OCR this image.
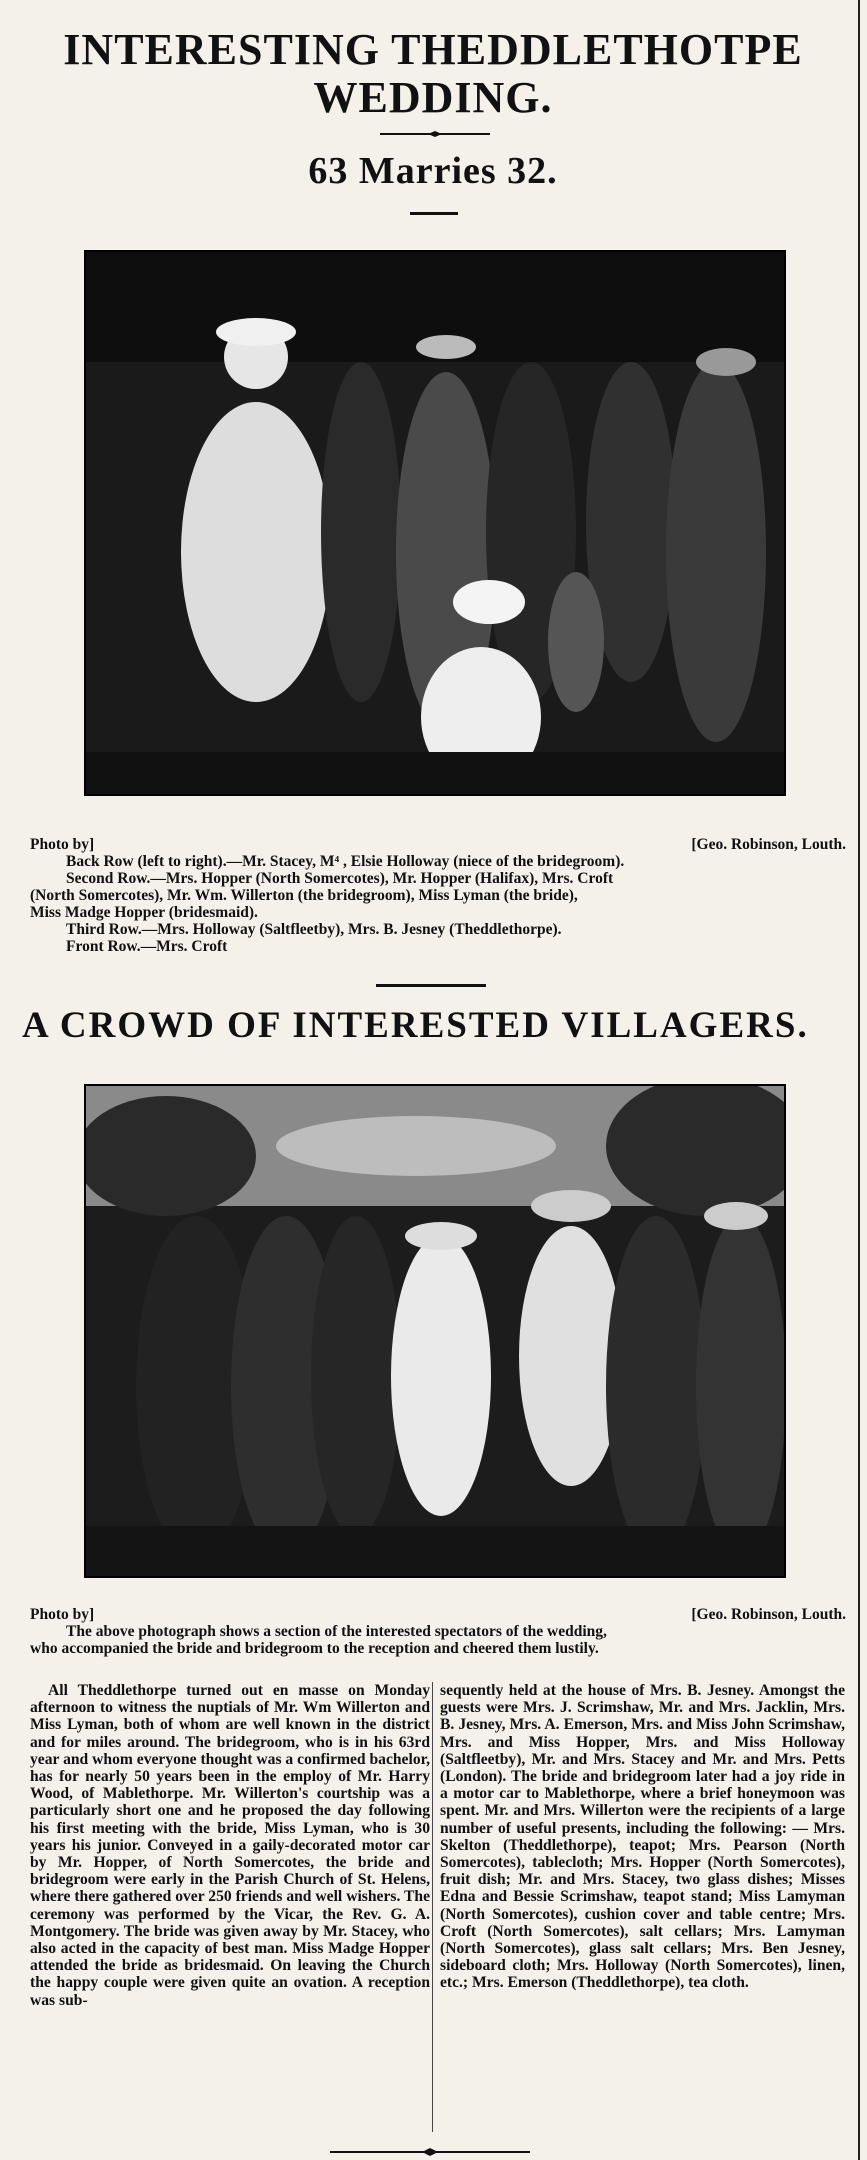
INTERESTING THEDDLETHOTPE
WEDDING.
63 Marries 32.
Photo by]	[Geo. Robinson, Louth.
Back Row (left to right).—Mr. Stacey, M⁴ , Elsie Holloway (niece of the bridegroom).
Second Row.—Mrs. Hopper (North Somercotes), Mr. Hopper (Halifax), Mrs. Croft
(North Somercotes), Mr. Wm. Willerton (the bridegroom), Miss Lyman (the bride),
Miss Madge Hopper (bridesmaid).
Third Row.—Mrs. Holloway (Saltfleetby), Mrs. B. Jesney (Theddlethorpe).
Front Row.—Mrs. Croft
A CROWD OF INTERESTED VILLAGERS.
Photo by]	[Geo. Robinson, Louth.
The above photograph shows a section of the interested spectators of the wedding,
who accompanied the bride and bridegroom to the reception and cheered them lustily.

All Theddlethorpe turned out en masse on Monday afternoon to witness the nuptials of Mr. Wm Willerton and Miss Lyman, both of whom are well known in the district and for miles around. The bridegroom, who is in his 63rd year and whom everyone thought was a confirmed bachelor, has for nearly 50 years been in the employ of Mr. Harry Wood, of Mablethorpe. Mr. Willerton's courtship was a particularly short one and he proposed the day following his first meeting with the bride, Miss Lyman, who is 30 years his junior. Conveyed in a gaily-decorated motor car by Mr. Hopper, of North Somercotes, the bride and bridegroom were early in the Parish Church of St. Helens, where there gathered over 250 friends and well wishers. The ceremony was performed by the Vicar, the Rev. G. A. Montgomery. The bride was given away by Mr. Stacey, who also acted in the capacity of best man. Miss Madge Hopper attended the bride as bridesmaid. On leaving the Church the happy couple were given quite an ovation. A reception was sub-

sequently held at the house of Mrs. B. Jesney. Amongst the guests were Mrs. J. Scrimshaw, Mr. and Mrs. Jacklin, Mrs. B. Jesney, Mrs. A. Emerson, Mrs. and Miss John Scrimshaw, Mrs. and Miss Hopper, Mrs. and Miss Holloway (Saltfleetby), Mr. and Mrs. Stacey and Mr. and Mrs. Petts (London). The bride and bridegroom later had a joy ride in a motor car to Mablethorpe, where a brief honeymoon was spent. Mr. and Mrs. Willerton were the recipients of a large number of useful presents, including the following: — Mrs. Skelton (Theddlethorpe), teapot; Mrs. Pearson (North Somercotes), tablecloth; Mrs. Hopper (North Somercotes), fruit dish; Mr. and Mrs. Stacey, two glass dishes; Misses Edna and Bessie Scrimshaw, teapot stand; Miss Lamyman (North Somercotes), cushion cover and table centre; Mrs. Croft (North Somercotes), salt cellars; Mrs. Lamyman (North Somercotes), glass salt cellars; Mrs. Ben Jesney, sideboard cloth; Mrs. Holloway (North Somercotes), linen, etc.; Mrs. Emerson (Theddlethorpe), tea cloth.
